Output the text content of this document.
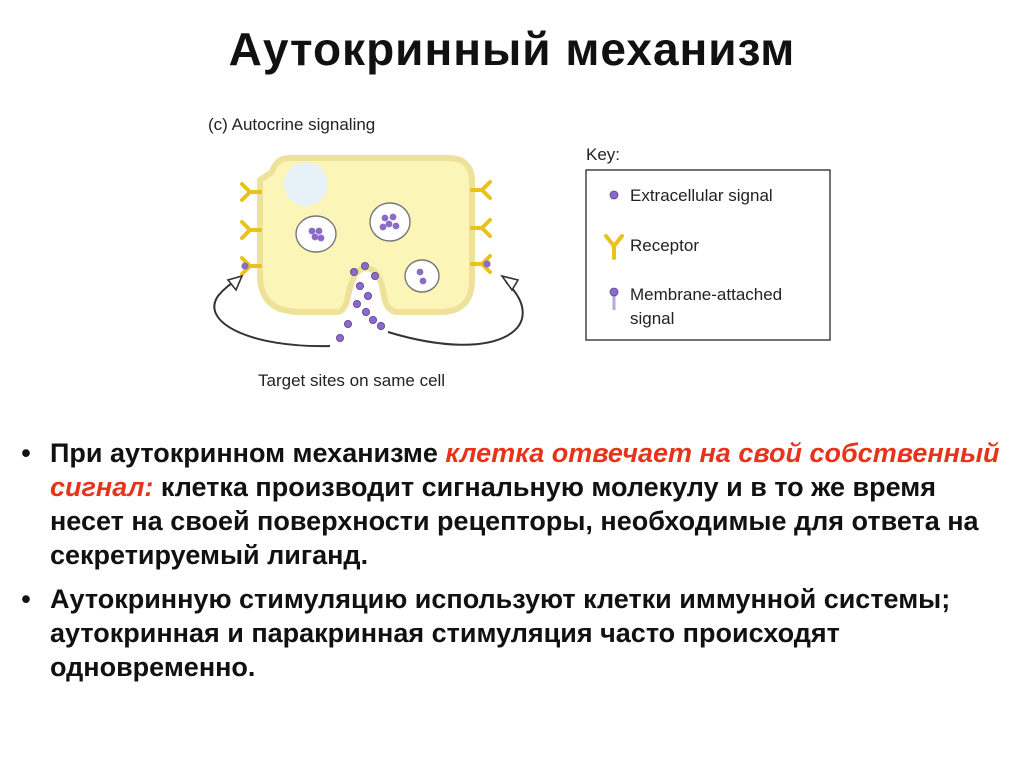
Аутокринный механизм
(c) Autocrine signaling
Target sites on same cell
Key:
Extracellular signal
Receptor
Membrane-attached
signal
• При аутокринном механизме клетка отвечает на свой собственный сигнал: клетка производит сигнальную молекулу и в то же время несет на своей поверхности рецепторы, необходимые для ответа на секретируемый лиганд.
• Аутокринную стимуляцию используют клетки иммунной системы; аутокринная и паракринная стимуляция часто происходят одновременно.
